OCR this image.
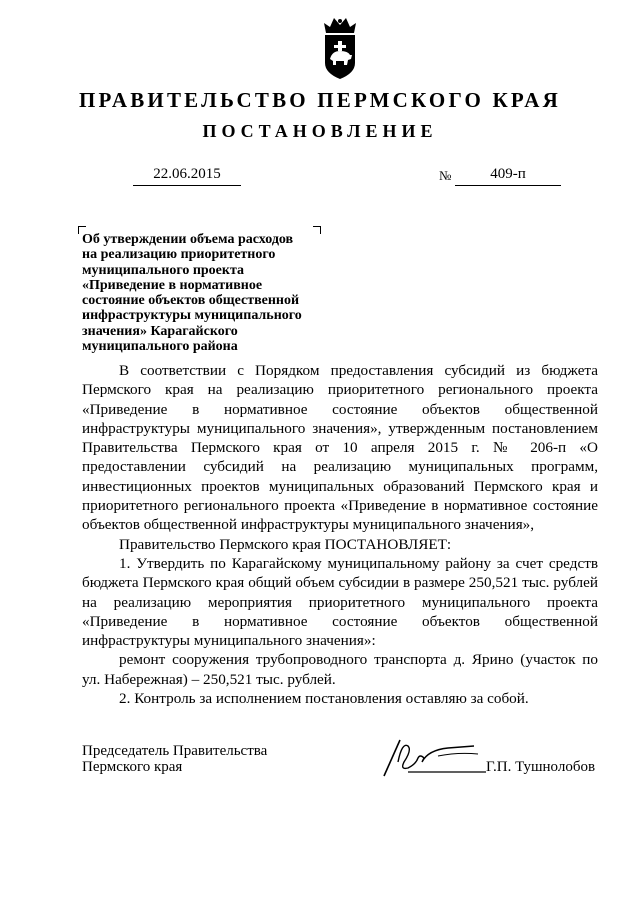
ПРАВИТЕЛЬСТВО ПЕРМСКОГО КРАЯ
ПОСТАНОВЛЕНИЕ
22.06.2015	№	409-п
Об утверждении объема расходов
на реализацию приоритетного
муниципального проекта
«Приведение в нормативное
состояние объектов общественной
инфраструктуры муниципального
значения» Карагайского
муниципального района

В соответствии с Порядком предоставления субсидий из бюджета Пермского края на реализацию приоритетного регионального проекта «Приведение в нормативное состояние объектов общественной инфраструктуры муниципального значения», утвержденным постановлением Правительства Пермского края от 10 апреля 2015 г. № 206-п «О предоставлении субсидий на реализацию муниципальных программ, инвестиционных проектов муниципальных образований Пермского края и приоритетного регионального проекта «Приведение в нормативное состояние объектов общественной инфраструктуры муниципального значения»,

Правительство Пермского края ПОСТАНОВЛЯЕТ:

1. Утвердить по Карагайскому муниципальному району за счет средств бюджета Пермского края общий объем субсидии в размере 250,521 тыс. рублей на реализацию мероприятия приоритетного муниципального проекта «Приведение в нормативное состояние объектов общественной инфраструктуры муниципального значения»:

ремонт сооружения трубопроводного транспорта д. Ярино (участок по ул. Набережная) – 250,521 тыс. рублей.

2. Контроль за исполнением постановления оставляю за собой.

Председатель Правительства
Пермского края	Г.П. Тушнолобов
